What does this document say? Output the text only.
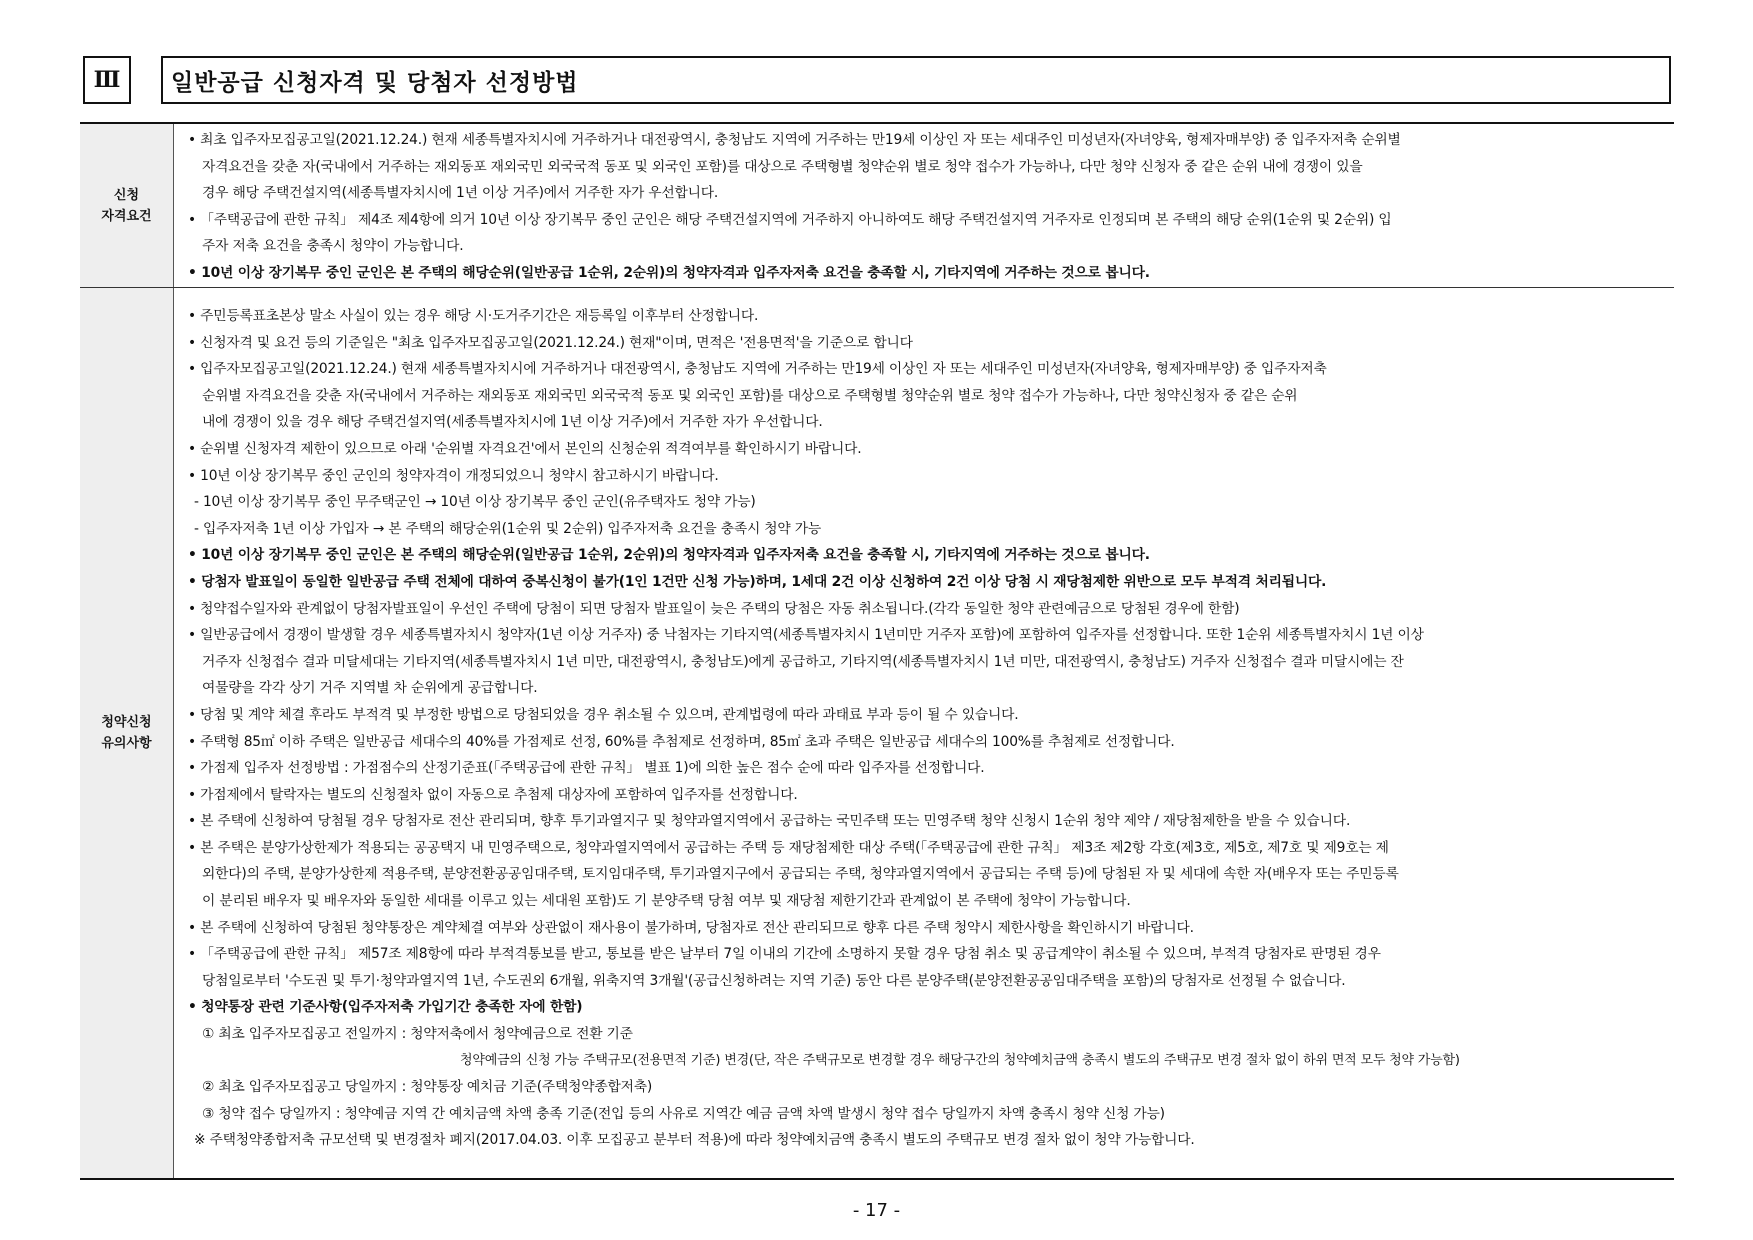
Ⅲ	일반공급 신청자격 및 당첨자 선정방법
신청
자격요건
• 최초 입주자모집공고일(2021.12.24.) 현재 세종특별자치시에 거주하거나 대전광역시, 충청남도 지역에 거주하는 만19세 이상인 자 또는 세대주인 미성년자(자녀양육, 형제자매부양) 중 입주자저축 순위별
자격요건을 갖춘 자(국내에서 거주하는 재외동포 재외국민 외국국적 동포 및 외국인 포함)를 대상으로 주택형별 청약순위 별로 청약 접수가 가능하나, 다만 청약 신청자 중 같은 순위 내에 경쟁이 있을
경우 해당 주택건설지역(세종특별자치시에 1년 이상 거주)에서 거주한 자가 우선합니다.
• 「주택공급에 관한 규칙」 제4조 제4항에 의거 10년 이상 장기복무 중인 군인은 해당 주택건설지역에 거주하지 아니하여도 해당 주택건설지역 거주자로 인정되며 본 주택의 해당 순위(1순위 및 2순위) 입
주자 저축 요건을 충족시 청약이 가능합니다.
• 10년 이상 장기복무 중인 군인은 본 주택의 해당순위(일반공급 1순위, 2순위)의 청약자격과 입주자저축 요건을 충족할 시, 기타지역에 거주하는 것으로 봅니다.
청약신청
유의사항
• 주민등록표초본상 말소 사실이 있는 경우 해당 시·도거주기간은 재등록일 이후부터 산정합니다.
• 신청자격 및 요건 등의 기준일은 "최초 입주자모집공고일(2021.12.24.) 현재"이며, 면적은 '전용면적'을 기준으로 합니다
• 입주자모집공고일(2021.12.24.) 현재 세종특별자치시에 거주하거나 대전광역시, 충청남도 지역에 거주하는 만19세 이상인 자 또는 세대주인 미성년자(자녀양육, 형제자매부양) 중 입주자저축
순위별 자격요건을 갖춘 자(국내에서 거주하는 재외동포 재외국민 외국국적 동포 및 외국인 포함)를 대상으로 주택형별 청약순위 별로 청약 접수가 가능하나, 다만 청약신청자 중 같은 순위
내에 경쟁이 있을 경우 해당 주택건설지역(세종특별자치시에 1년 이상 거주)에서 거주한 자가 우선합니다.
• 순위별 신청자격 제한이 있으므로 아래 '순위별 자격요건'에서 본인의 신청순위 적격여부를 확인하시기 바랍니다.
• 10년 이상 장기복무 중인 군인의 청약자격이 개정되었으니 청약시 참고하시기 바랍니다.
- 10년 이상 장기복무 중인 무주택군인 → 10년 이상 장기복무 중인 군인(유주택자도 청약 가능)
- 입주자저축 1년 이상 가입자 → 본 주택의 해당순위(1순위 및 2순위) 입주자저축 요건을 충족시 청약 가능
• 10년 이상 장기복무 중인 군인은 본 주택의 해당순위(일반공급 1순위, 2순위)의 청약자격과 입주자저축 요건을 충족할 시, 기타지역에 거주하는 것으로 봅니다.
• 당첨자 발표일이 동일한 일반공급 주택 전체에 대하여 중복신청이 불가(1인 1건만 신청 가능)하며, 1세대 2건 이상 신청하여 2건 이상 당첨 시 재당첨제한 위반으로 모두 부적격 처리됩니다.
• 청약접수일자와 관계없이 당첨자발표일이 우선인 주택에 당첨이 되면 당첨자 발표일이 늦은 주택의 당첨은 자동 취소됩니다.(각각 동일한 청약 관련예금으로 당첨된 경우에 한함)
• 일반공급에서 경쟁이 발생할 경우 세종특별자치시 청약자(1년 이상 거주자) 중 낙첨자는 기타지역(세종특별자치시 1년미만 거주자 포함)에 포함하여 입주자를 선정합니다. 또한 1순위 세종특별자치시 1년 이상
거주자 신청접수 결과 미달세대는 기타지역(세종특별자치시 1년 미만, 대전광역시, 충청남도)에게 공급하고, 기타지역(세종특별자치시 1년 미만, 대전광역시, 충청남도) 거주자 신청접수 결과 미달시에는 잔
여물량을 각각 상기 거주 지역별 차 순위에게 공급합니다.
• 당첨 및 계약 체결 후라도 부적격 및 부정한 방법으로 당첨되었을 경우 취소될 수 있으며, 관계법령에 따라 과태료 부과 등이 될 수 있습니다.
• 주택형 85㎡ 이하 주택은 일반공급 세대수의 40%를 가점제로 선정, 60%를 추첨제로 선정하며, 85㎡ 초과 주택은 일반공급 세대수의 100%를 추첨제로 선정합니다.
• 가점제 입주자 선정방법 : 가점점수의 산정기준표(「주택공급에 관한 규칙」 별표 1)에 의한 높은 점수 순에 따라 입주자를 선정합니다.
• 가점제에서 탈락자는 별도의 신청절차 없이 자동으로 추첨제 대상자에 포함하여 입주자를 선정합니다.
• 본 주택에 신청하여 당첨될 경우 당첨자로 전산 관리되며, 향후 투기과열지구 및 청약과열지역에서 공급하는 국민주택 또는 민영주택 청약 신청시 1순위 청약 제약 / 재당첨제한을 받을 수 있습니다.
• 본 주택은 분양가상한제가 적용되는 공공택지 내 민영주택으로, 청약과열지역에서 공급하는 주택 등 재당첨제한 대상 주택(「주택공급에 관한 규칙」 제3조 제2항 각호(제3호, 제5호, 제7호 및 제9호는 제
외한다)의 주택, 분양가상한제 적용주택, 분양전환공공임대주택, 토지임대주택, 투기과열지구에서 공급되는 주택, 청약과열지역에서 공급되는 주택 등)에 당첨된 자 및 세대에 속한 자(배우자 또는 주민등록
이 분리된 배우자 및 배우자와 동일한 세대를 이루고 있는 세대원 포함)도 기 분양주택 당첨 여부 및 재당첨 제한기간과 관계없이 본 주택에 청약이 가능합니다.
• 본 주택에 신청하여 당첨된 청약통장은 계약체결 여부와 상관없이 재사용이 불가하며, 당첨자로 전산 관리되므로 향후 다른 주택 청약시 제한사항을 확인하시기 바랍니다.
• 「주택공급에 관한 규칙」 제57조 제8항에 따라 부적격통보를 받고, 통보를 받은 날부터 7일 이내의 기간에 소명하지 못할 경우 당첨 취소 및 공급계약이 취소될 수 있으며, 부적격 당첨자로 판명된 경우
당첨일로부터 '수도권 및 투기·청약과열지역 1년, 수도권외 6개월, 위축지역 3개월'(공급신청하려는 지역 기준) 동안 다른 분양주택(분양전환공공임대주택을 포함)의 당첨자로 선정될 수 없습니다.
• 청약통장 관련 기준사항(입주자저축 가입기간 충족한 자에 한함)
① 최초 입주자모집공고 전일까지 : 청약저축에서 청약예금으로 전환 기준
청약예금의 신청 가능 주택규모(전용면적 기준) 변경(단, 작은 주택규모로 변경할 경우 해당구간의 청약예치금액 충족시 별도의 주택규모 변경 절차 없이 하위 면적 모두 청약 가능함)
② 최초 입주자모집공고 당일까지 : 청약통장 예치금 기준(주택청약종합저축)
③ 청약 접수 당일까지 : 청약예금 지역 간 예치금액 차액 충족 기준(전입 등의 사유로 지역간 예금 금액 차액 발생시 청약 접수 당일까지 차액 충족시 청약 신청 가능)
※ 주택청약종합저축 규모선택 및 변경절차 폐지(2017.04.03. 이후 모집공고 분부터 적용)에 따라 청약예치금액 충족시 별도의 주택규모 변경 절차 없이 청약 가능합니다.
- 17 -
